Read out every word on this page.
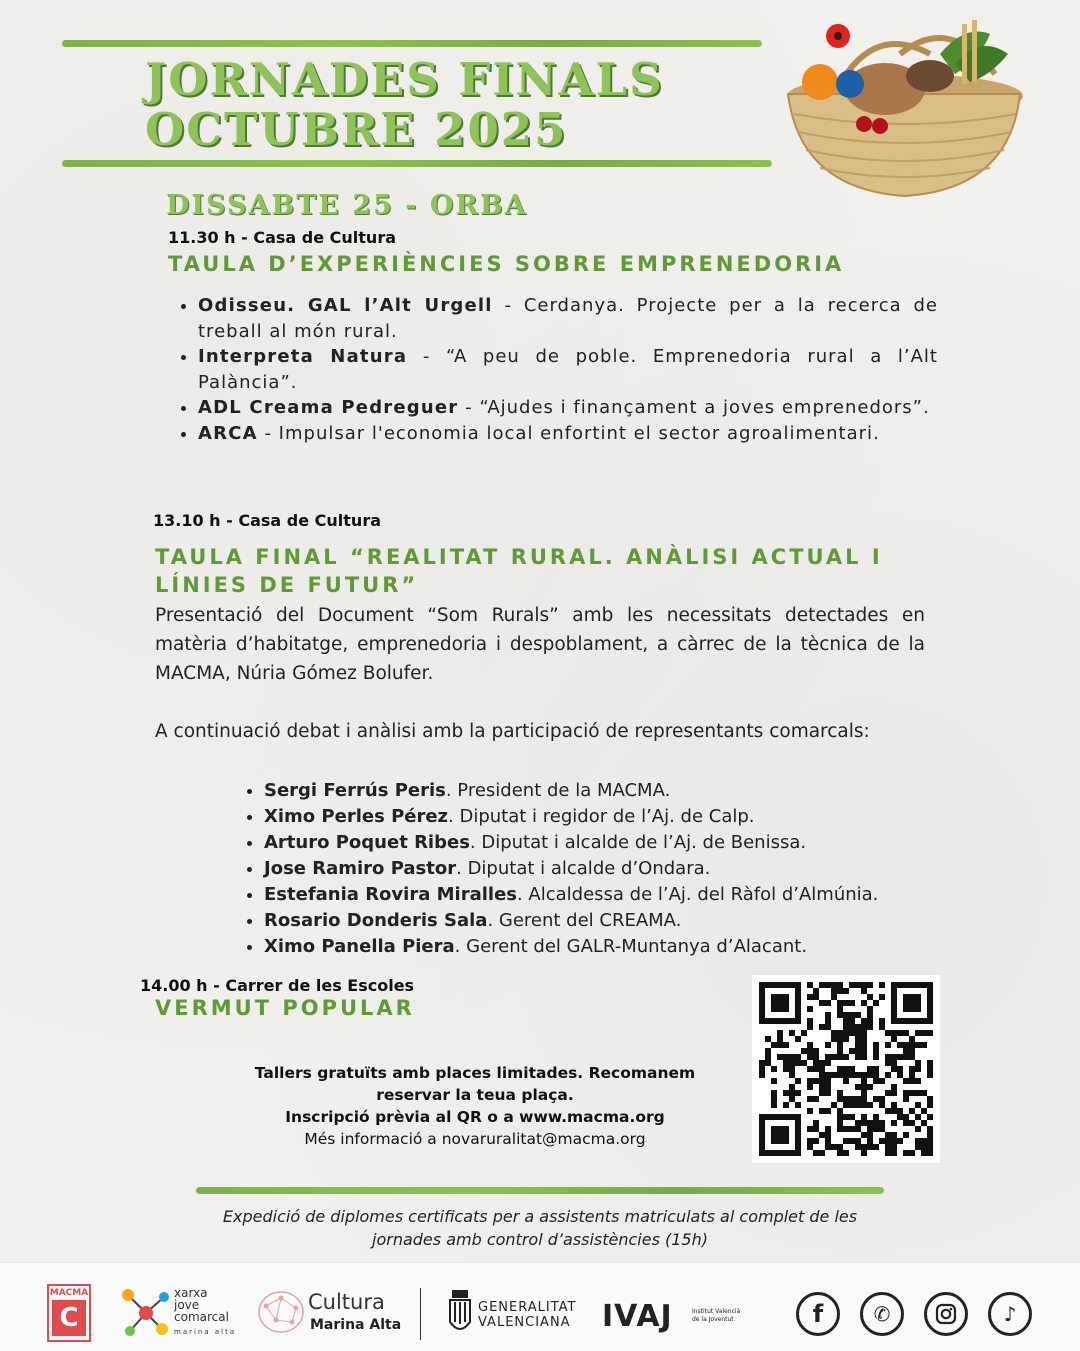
JORNADES FINALS
OCTUBRE 2025
DISSABTE 25 - ORBA
11.30 h - Casa de Cultura
TAULA D’EXPERIÈNCIES SOBRE EMPRENEDORIA
• Odisseu. GAL l’Alt Urgell - Cerdanya. Projecte per a la recerca de treball al món rural.
• Interpreta Natura - “A peu de poble. Emprenedoria rural a l’Alt Palància”.
• ADL Creama Pedreguer - “Ajudes i finançament a joves emprenedors”.
• ARCA - Impulsar l'economia local enfortint el sector agroalimentari.
13.10 h - Casa de Cultura
TAULA FINAL “REALITAT RURAL. ANÀLISI ACTUAL I LÍNIES DE FUTUR”

Presentació del Document “Som Rurals” amb les necessitats detectades en matèria d’habitatge, emprenedoria i despoblament, a càrrec de la tècnica de la MACMA, Núria Gómez Bolufer.

A continuació debat i anàlisi amb la participació de representants comarcals:

• Sergi Ferrús Peris. President de la MACMA.
• Ximo Perles Pérez. Diputat i regidor de l’Aj. de Calp.
• Arturo Poquet Ribes. Diputat i alcalde de l’Aj. de Benissa.
• Jose Ramiro Pastor. Diputat i alcalde d’Ondara.
• Estefania Rovira Miralles. Alcaldessa de l’Aj. del Ràfol d’Almúnia.
• Rosario Donderis Sala. Gerent del CREAMA.
• Ximo Panella Piera. Gerent del GALR-Muntanya d’Alacant.
14.00 h - Carrer de les Escoles
VERMUT POPULAR
Tallers gratuïts amb places limitades. Recomanem reservar la teua plaça.
Inscripció prèvia al QR o a www.macma.org
Més informació a novaruralitat@macma.org
Expedició de diplomes certificats per a assistents matriculats al complet de les jornades amb control d’assistències (15h)
MACMA
C
xarxa
jove
comarcal
marina alta
Cultura
Marina Alta
GENERALITAT
VALENCIANA IVAJ	Institut Valencià
de la Joventut	f	✆	♪
